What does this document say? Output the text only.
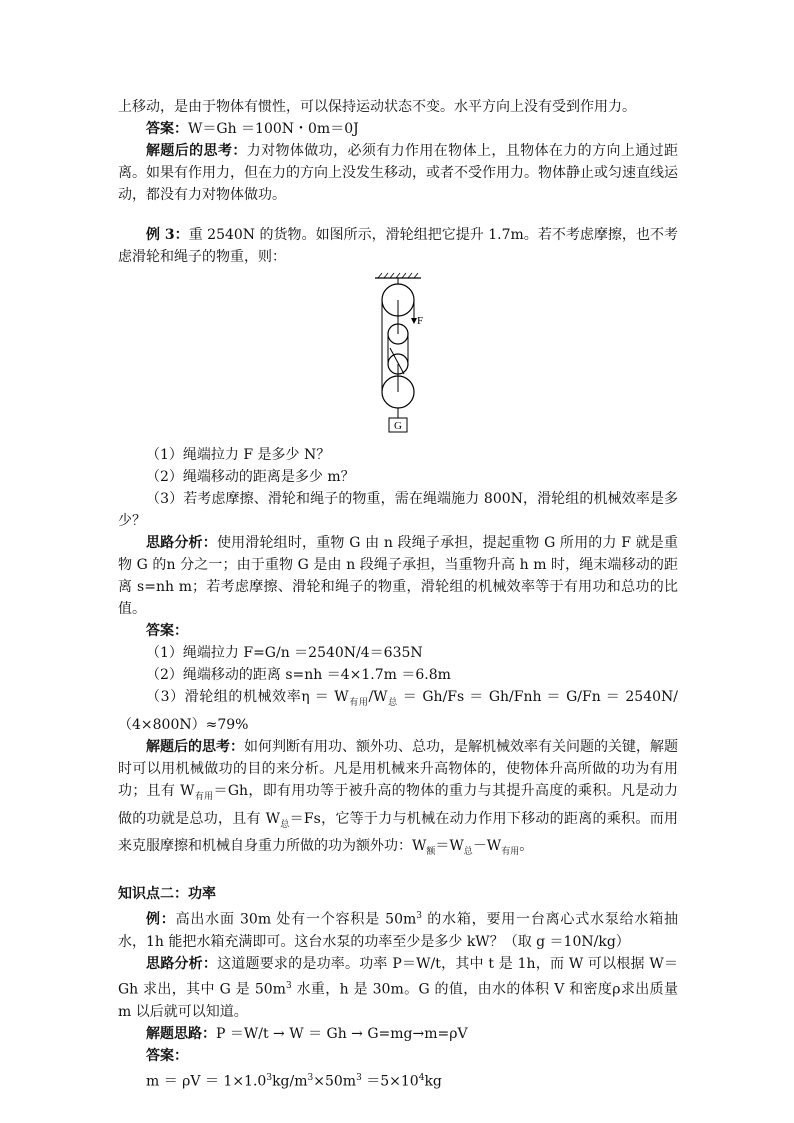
上移动，是由于物体有惯性，可以保持运动状态不变。水平方向上没有受到作用力。

答案：W＝Gh ＝100N・0m＝0J

解题后的思考：力对物体做功，必须有力作用在物体上，且物体在力的方向上通过距离。如果有作用力，但在力的方向上没发生移动，或者不受作用力。物体静止或匀速直线运动，都没有力对物体做功。

例 3：重 2540N 的货物。如图所示，滑轮组把它提升 1.7m。若不考虑摩擦，也不考虑滑轮和绳子的物重，则：

F
G

（1）绳端拉力 F 是多少 N？

（2）绳端移动的距离是多少 m？

（3）若考虑摩擦、滑轮和绳子的物重，需在绳端施力 800N，滑轮组的机械效率是多少？

思路分析：使用滑轮组时，重物 G 由 n 段绳子承担，提起重物 G 所用的力 F 就是重物 G 的n 分之一；由于重物 G 是由 n 段绳子承担，当重物升高 h m 时，绳末端移动的距离 s=nh m；若考虑摩擦、滑轮和绳子的物重，滑轮组的机械效率等于有用功和总功的比值。

答案：

（1）绳端拉力 F=G/n ＝2540N/4＝635N

（2）绳端移动的距离 s=nh ＝4×1.7m ＝6.8m

（3）滑轮组的机械效率$\eta = W_{有用}/W_总 = Gh/Fs = Gh/Fnh = G/Fn = 2540N/(4\times 800N)\approx 79\%$

解题后的思考：如何判断有用功、额外功、总功，是解机械效率有关问题的关键，解题时可以用机械做功的目的来分析。凡是用机械来升高物体的，使物体升高所做的功为有用功；且有 $W_{有用}=Gh$，即有用功等于被升高的物体的重力与其提升高度的乘积。凡是动力做的功就是总功，且有 $W_总=Fs$，它等于力与机械在动力作用下移动的距离的乘积。而用来克服摩擦和机械自身重力所做的功为额外功：$W_额=W_总-W_{有用}$。

知识点二：功率

例：高出水面 30m 处有一个容积是 $50m^3$ 的水箱，要用一台离心式水泵给水箱抽水，1h 能把水箱充满即可。这台水泵的功率至少是多少 kW？（取 g ＝10N/kg）

思路分析：这道题要求的是功率。功率 P＝W/t，其中 t 是 1h，而 W 可以根据 W＝Gh 求出，其中 G 是 $50m^3$ 水重，h 是 30m。G 的值，由水的体积 V 和密度ρ求出质量 m 以后就可以知道。

解题思路：P ＝W/t → W ＝ Gh → G=mg→m=ρV

答案：

$m = \rho V = 1\times 1.0^3kg/m^3\times 50m^3 =5\times 10^4kg$
